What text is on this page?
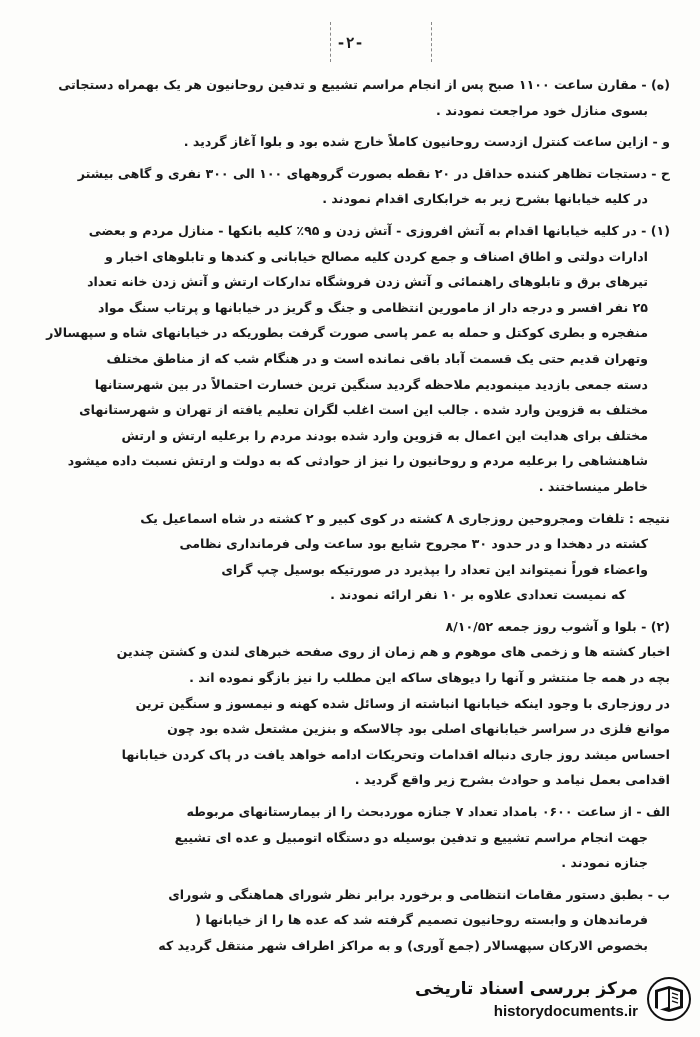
-۲-
(ه) - مقارن ساعت ۱۱۰۰ صبح پس از انجام مراسم تشییع و تدفین روحانیون هر یک بهمراه دستجاتی
بسوی منازل خود مراجعت نمودند .
و - ازاین ساعت کنترل ازدست روحانیون کاملاً خارج شده بود و بلوا آغاز گردید .
ح - دستجات تظاهر کننده حداقل در ۲۰ نقطه بصورت گروههای ۱۰۰ الی ۳۰۰ نفری و گاهی بیشتر
در کلیه خیابانها بشرح زیر به خرابکاری اقدام نمودند .
(۱) - در کلیه خیابانها اقدام به آتش افروزی - آتش زدن و ۹۵٪ کلیه بانکها - منازل مردم و بعضی
ادارات دولتی و اطاق اصناف و جمع کردن کلیه مصالح خیابانی و کندها و تابلوهای اخبار و
تیرهای برق و تابلوهای راهنمائی و آتش زدن فروشگاه تدارکات ارتش و آتش زدن خانه تعداد
۲۵ نفر افسر و درجه دار از مامورین انتظامی و جنگ و گریز در خیابانها و پرتاب سنگ مواد
منفجره و بطری کوکتل و حمله به عمر پاسی صورت گرفت بطوریکه در خیابانهای شاه و سپهسالار
وتهران قدیم حتی یک قسمت آباد باقی نمانده است و در هنگام شب که از مناطق مختلف
دسته جمعی بازدید مینمودیم ملاحظه گردید سنگین ترین خسارت احتمالاً در بین شهرستانها
مختلف به قزوین وارد شده . جالب این است اغلب لگران تعلیم یافته از تهران و شهرستانهای
مختلف برای هدایت این اعمال به قزوین وارد شده بودند مردم را برعلیه ارتش و ارتش
شاهنشاهی را برعلیه مردم و روحانیون را نیز از حوادثی که به دولت و ارتش نسبت داده میشود
خاطر مینساختند .
نتیجه : تلفات ومجروحین روزجاری ۸ کشته در کوی کبیر و ۲ کشته در شاه اسماعیل یک
کشته در دهخدا و در حدود ۳۰ مجروح شایع بود ساعت ولی فرمانداری نظامی
واعضاء فوراً نمیتواند این تعداد را بپذیرد در صورتیکه بوسیل چپ گرای
که نمیست تعدادی علاوه بر ۱۰ نفر ارائه نمودند .
(۲) - بلوا و آشوب روز جمعه ۸/۱۰/۵۲
اخبار کشته ها و زخمی های موهوم و هم زمان از روی صفحه خبرهای لندن و کشتن چندین
بچه در همه جا منتشر و آنها را دیوهای ساکه این مطلب را نیز بازگو نموده اند .
در روزجاری با وجود اینکه خیابانها انباشته از وسائل شده کهنه و نیمسوز و سنگین ترین
موانع فلزی در سراسر خیابانهای اصلی بود چالاسکه و بنزین مشتعل شده بود چون
احساس میشد روز جاری دنباله اقدامات وتحریکات ادامه خواهد یافت در پاک کردن خیابانها
اقدامی بعمل نیامد و حوادث بشرح زیر واقع گردید .
الف - از ساعت ۰۶۰۰ بامداد تعداد ۷ جنازه موردبحث را از بیمارستانهای مربوطه
جهت انجام مراسم تشییع و تدفین بوسیله دو دستگاه اتومبیل و عده ای تشییع
جنازه نمودند .
ب - بطبق دستور مقامات انتظامی و برخورد برابر نظر شورای هماهنگی و شورای
فرماندهان و وابسته روحانیون تصمیم گرفته شد که عده ها را از خیابانها (
بخصوص الارکان سپهسالار (جمع آوری) و به مراکز اطراف شهر منتقل گردید که
مرکز بررسی اسناد تاریخی
historydocuments.ir
